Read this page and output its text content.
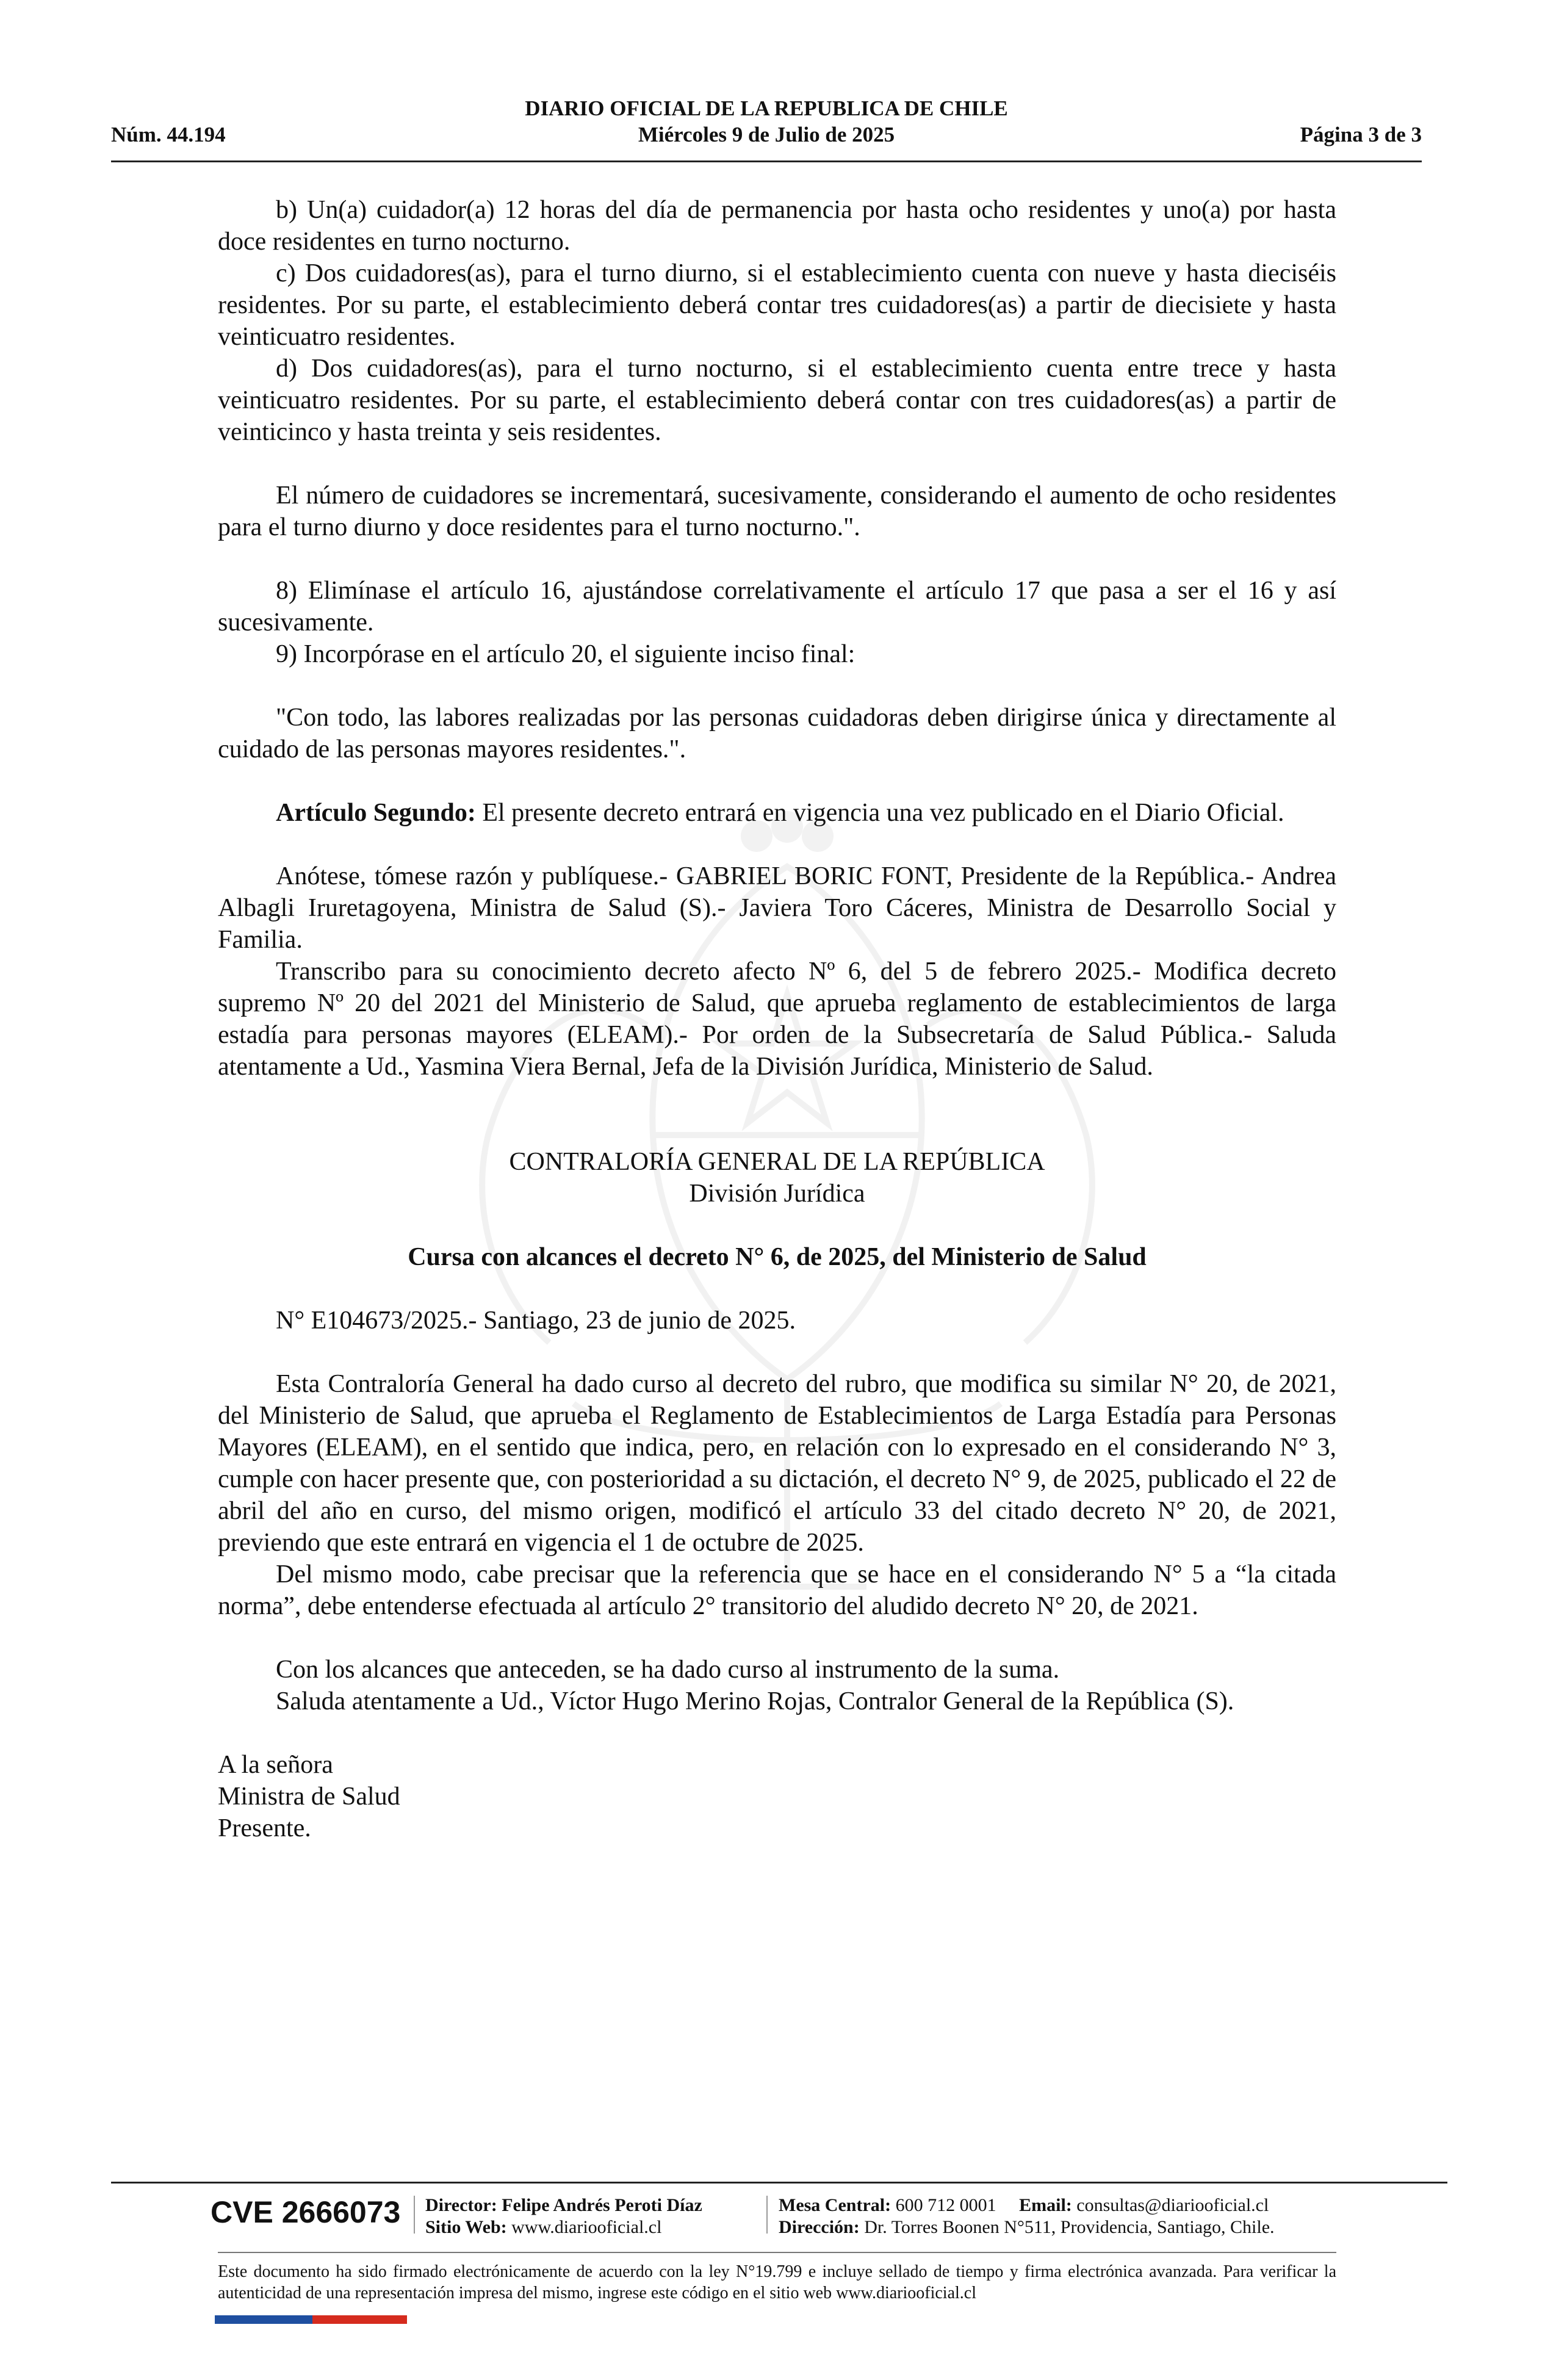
DIARIO OFICIAL DE LA REPUBLICA DE CHILE
Núm. 44.194	Miércoles 9 de Julio de 2025	Página 3 de 3

b) Un(a) cuidador(a) 12 horas del día de permanencia por hasta ocho residentes y uno(a) por hasta doce residentes en turno nocturno.

c) Dos cuidadores(as), para el turno diurno, si el establecimiento cuenta con nueve y hasta dieciséis residentes. Por su parte, el establecimiento deberá contar tres cuidadores(as) a partir de diecisiete y hasta veinticuatro residentes.

d) Dos cuidadores(as), para el turno nocturno, si el establecimiento cuenta entre trece y hasta veinticuatro residentes. Por su parte, el establecimiento deberá contar con tres cuidadores(as) a partir de veinticinco y hasta treinta y seis residentes.

El número de cuidadores se incrementará, sucesivamente, considerando el aumento de ocho residentes para el turno diurno y doce residentes para el turno nocturno.".

8) Elimínase el artículo 16, ajustándose correlativamente el artículo 17 que pasa a ser el 16 y así sucesivamente.

9) Incorpórase en el artículo 20, el siguiente inciso final:

"Con todo, las labores realizadas por las personas cuidadoras deben dirigirse única y directamente al cuidado de las personas mayores residentes.".

Artículo Segundo: El presente decreto entrará en vigencia una vez publicado en el Diario Oficial.

Anótese, tómese razón y publíquese.- GABRIEL BORIC FONT, Presidente de la República.- Andrea Albagli Iruretagoyena, Ministra de Salud (S).- Javiera Toro Cáceres, Ministra de Desarrollo Social y Familia.

Transcribo para su conocimiento decreto afecto Nº 6, del 5 de febrero 2025.- Modifica decreto supremo Nº 20 del 2021 del Ministerio de Salud, que aprueba reglamento de establecimientos de larga estadía para personas mayores (ELEAM).- Por orden de la Subsecretaría de Salud Pública.- Saluda atentamente a Ud., Yasmina Viera Bernal, Jefa de la División Jurídica, Ministerio de Salud.

CONTRALORÍA GENERAL DE LA REPÚBLICA

División Jurídica

Cursa con alcances el decreto N° 6, de 2025, del Ministerio de Salud

N° E104673/2025.- Santiago, 23 de junio de 2025.

Esta Contraloría General ha dado curso al decreto del rubro, que modifica su similar N° 20, de 2021, del Ministerio de Salud, que aprueba el Reglamento de Establecimientos de Larga Estadía para Personas Mayores (ELEAM), en el sentido que indica, pero, en relación con lo expresado en el considerando N° 3, cumple con hacer presente que, con posterioridad a su dictación, el decreto N° 9, de 2025, publicado el 22 de abril del año en curso, del mismo origen, modificó el artículo 33 del citado decreto N° 20, de 2021, previendo que este entrará en vigencia el 1 de octubre de 2025.

Del mismo modo, cabe precisar que la referencia que se hace en el considerando N° 5 a “la citada norma”, debe entenderse efectuada al artículo 2° transitorio del aludido decreto N° 20, de 2021.

Con los alcances que anteceden, se ha dado curso al instrumento de la suma.

Saluda atentamente a Ud., Víctor Hugo Merino Rojas, Contralor General de la República (S).

A la señora

Ministra de Salud

Presente.

CVE 2666073 Director: Felipe Andrés Peroti Díaz
Sitio Web: www.diariooficial.cl
Mesa Central: 600 712 0001 Email: consultas@diariooficial.cl
Dirección: Dr. Torres Boonen N°511, Providencia, Santiago, Chile.
Este documento ha sido firmado electrónicamente de acuerdo con la ley N°19.799 e incluye sellado de tiempo y firma electrónica avanzada. Para verificar la autenticidad de una representación impresa del mismo, ingrese este código en el sitio web www.diariooficial.cl
